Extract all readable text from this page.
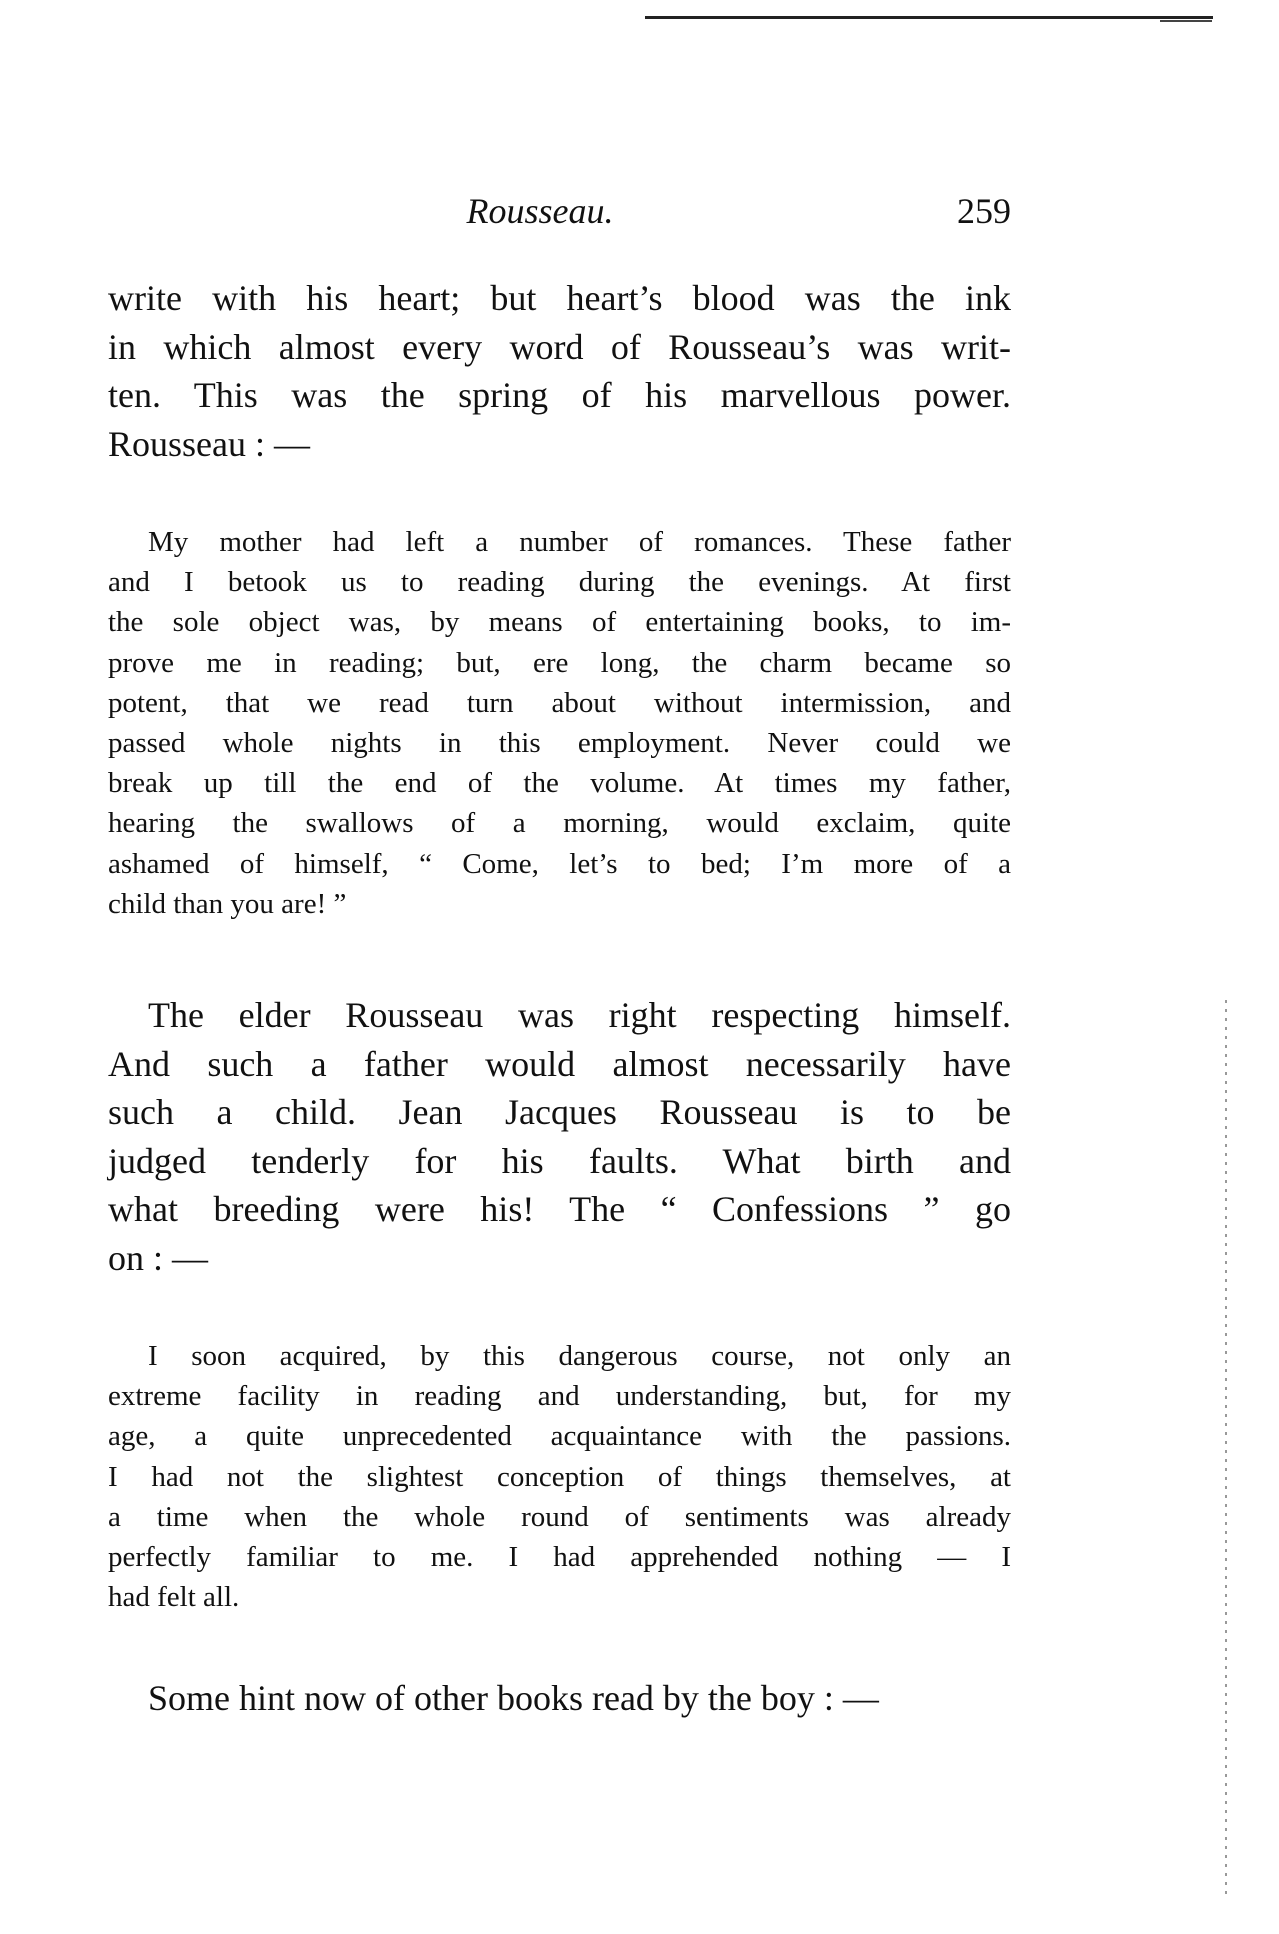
Rousseau.	259
write with his heart; but heart’s blood was the ink
in which almost every word of Rousseau’s was writ-
ten. This was the spring of his marvellous power.
Rousseau : —
My mother had left a number of romances. These father
and I betook us to reading during the evenings. At first
the sole object was, by means of entertaining books, to im-
prove me in reading; but, ere long, the charm became so
potent, that we read turn about without intermission, and
passed whole nights in this employment. Never could we
break up till the end of the volume. At times my father,
hearing the swallows of a morning, would exclaim, quite
ashamed of himself, “ Come, let’s to bed; I’m more of a
child than you are! ”
The elder Rousseau was right respecting himself.
And such a father would almost necessarily have
such a child. Jean Jacques Rousseau is to be
judged tenderly for his faults. What birth and
what breeding were his! The “ Confessions ” go
on : —
I soon acquired, by this dangerous course, not only an
extreme facility in reading and understanding, but, for my
age, a quite unprecedented acquaintance with the passions.
I had not the slightest conception of things themselves, at
a time when the whole round of sentiments was already
perfectly familiar to me. I had apprehended nothing — I
had felt all.
Some hint now of other books read by the boy : —
